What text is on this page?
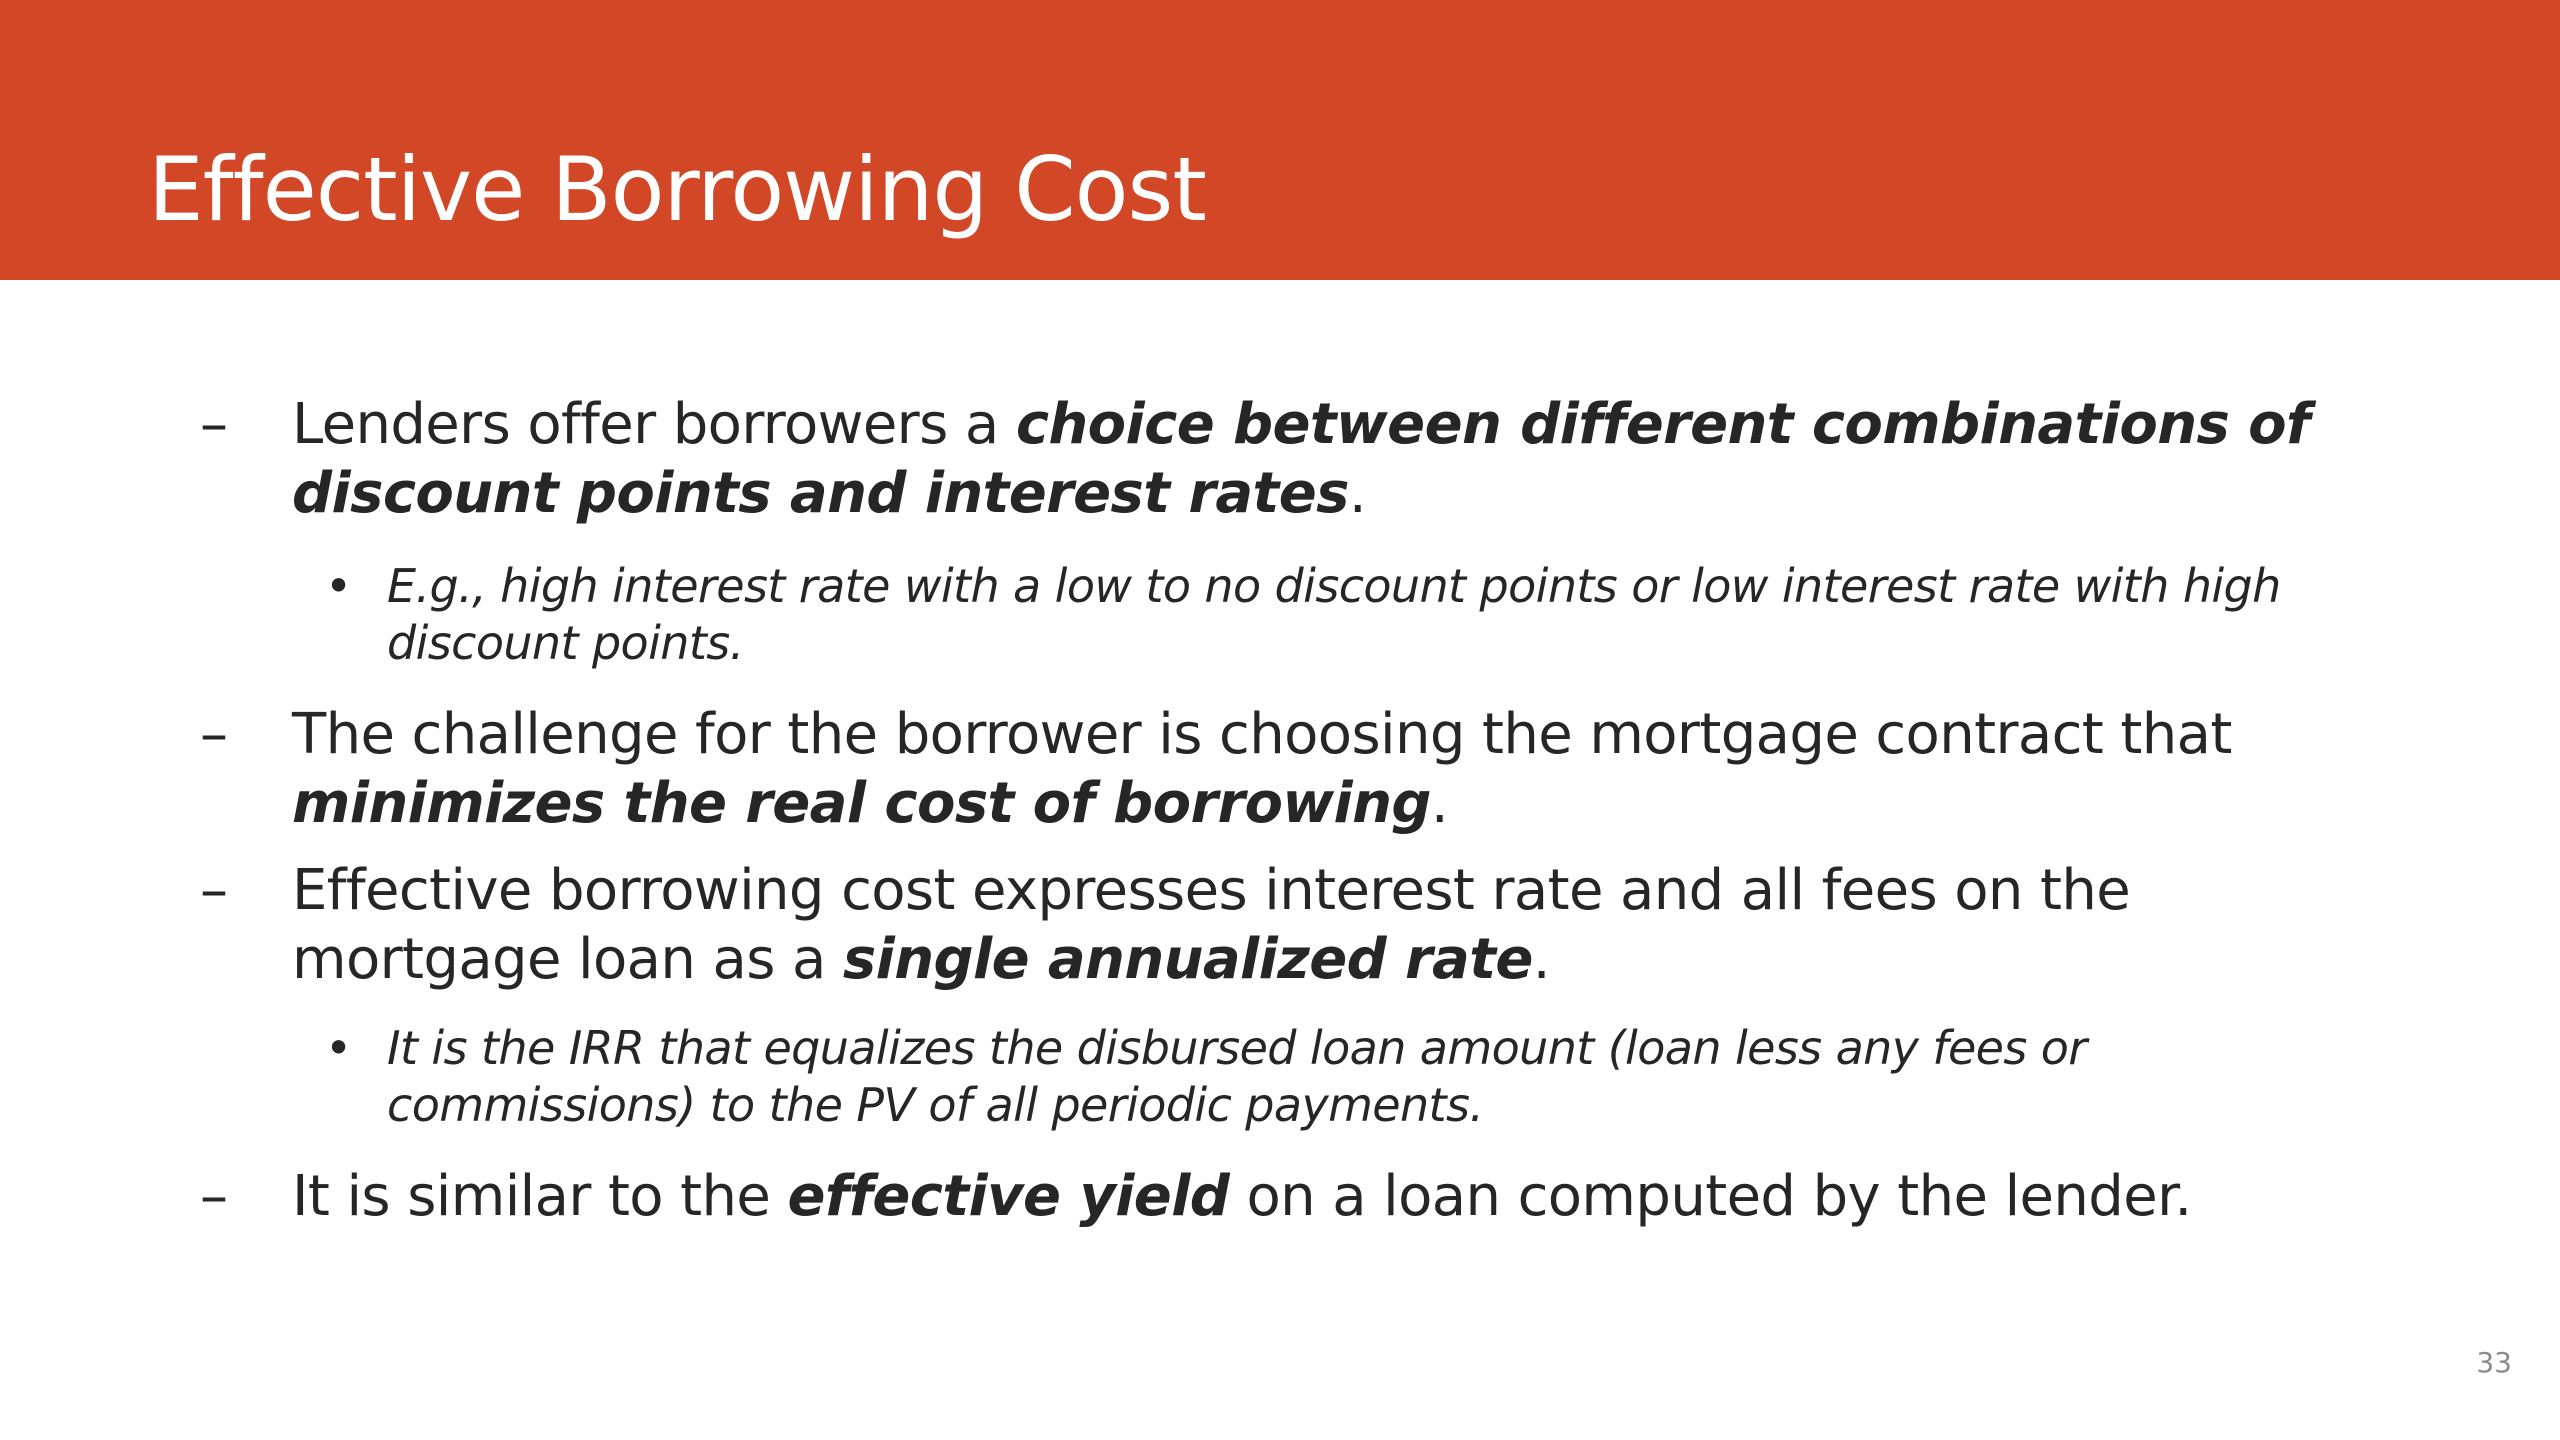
Effective Borrowing Cost
– Lenders offer borrowers a choice between different combinations of discount points and interest rates.
• E.g., high interest rate with a low to no discount points or low interest rate with high discount points.
– The challenge for the borrower is choosing the mortgage contract that minimizes the real cost of borrowing.
– Effective borrowing cost expresses interest rate and all fees on the mortgage loan as a single annualized rate.
• It is the IRR that equalizes the disbursed loan amount (loan less any fees or commissions) to the PV of all periodic payments.
– It is similar to the effective yield on a loan computed by the lender.
33
